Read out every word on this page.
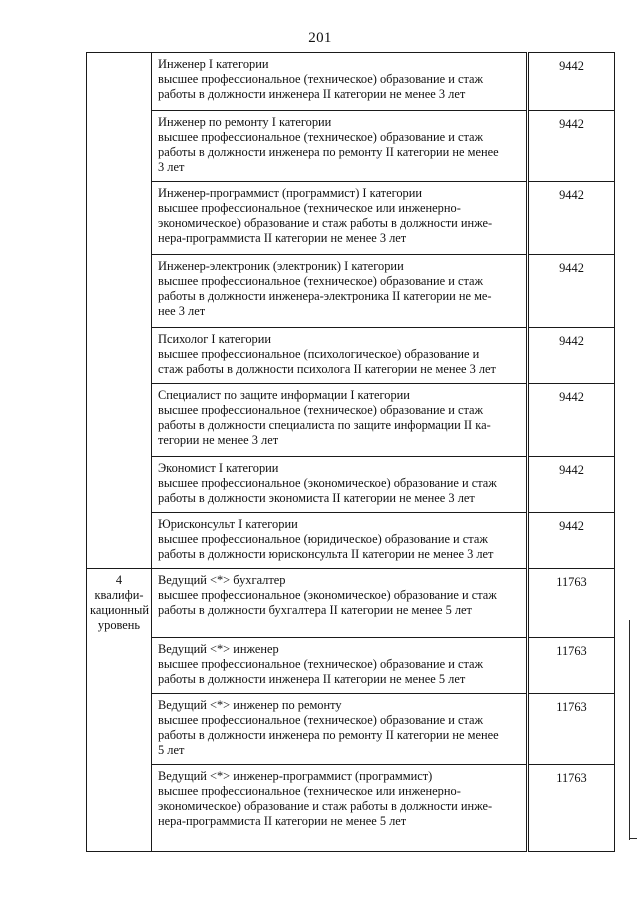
201

	Инженер I категории
высшее профессиональное (техническое) образование и стаж
работы в должности инженера II категории не менее 3 лет	9442

	Инженер по ремонту I категории
высшее профессиональное (техническое) образование и стаж
работы в должности инженера по ремонту II категории не менее
3 лет	9442

	Инженер-программист (программист) I категории
высшее профессиональное (техническое или инженерно-
экономическое) образование и стаж работы в должности инже-
нера-программиста II категории не менее 3 лет	9442

	Инженер-электроник (электроник) I категории
высшее профессиональное (техническое) образование и стаж
работы в должности инженера-электроника II категории не ме-
нее 3 лет	9442

	Психолог I категории
высшее профессиональное (психологическое) образование и
стаж работы в должности психолога II категории не менее 3 лет	9442

	Специалист по защите информации I категории
высшее профессиональное (техническое) образование и стаж
работы в должности специалиста по защите информации II ка-
тегории не менее 3 лет	9442

	Экономист I категории
высшее профессиональное (экономическое) образование и стаж
работы в должности экономиста II категории не менее 3 лет	9442

	Юрисконсульт I категории
высшее профессиональное (юридическое) образование и стаж
работы в должности юрисконсульта II категории не менее 3 лет	9442

4 квалифи-
кационный
уровень	Ведущий <*> бухгалтер
высшее профессиональное (экономическое) образование и стаж
работы в должности бухгалтера II категории не менее 5 лет	11763

	Ведущий <*> инженер
высшее профессиональное (техническое) образование и стаж
работы в должности инженера II категории не менее 5 лет	11763

	Ведущий <*> инженер по ремонту
высшее профессиональное (техническое) образование и стаж
работы в должности инженера по ремонту II категории не менее
5 лет	11763

	Ведущий <*> инженер-программист (программист)
высшее профессиональное (техническое или инженерно-
экономическое) образование и стаж работы в должности инже-
нера-программиста II категории не менее 5 лет	11763
